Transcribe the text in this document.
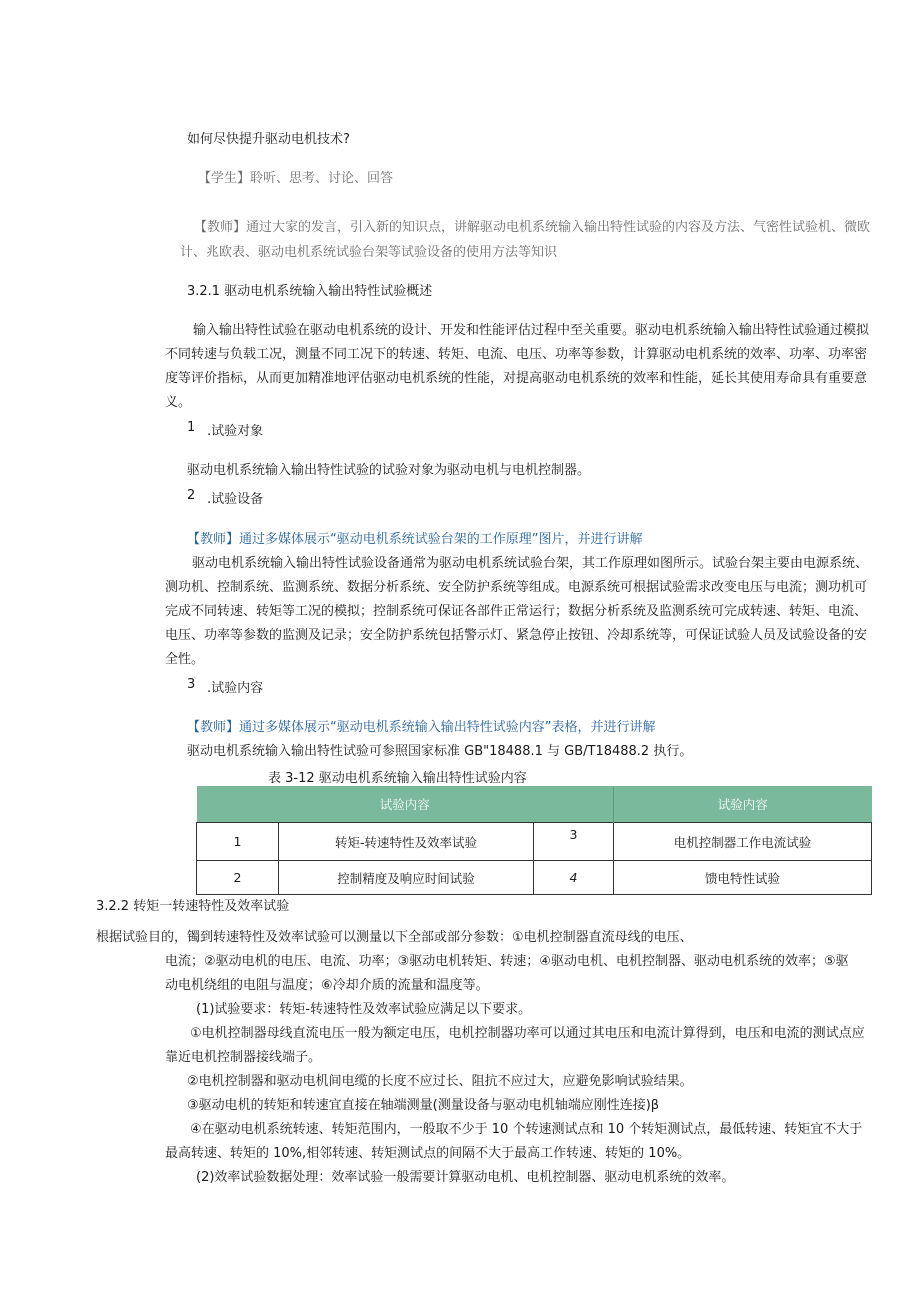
如何尽快提升驱动电机技术?
【学生】聆听、思考、讨论、回答
【教师】通过大家的发言，引入新的知识点，讲解驱动电机系统输入输出特性试验的内容及方法、气密性试验机、微欧
计、兆欧表、驱动电机系统试验台架等试验设备的使用方法等知识
3.2.1 驱动电机系统输入输出特性试验概述
输入输出特性试验在驱动电机系统的设计、开发和性能评估过程中至关重要。驱动电机系统输入输出特性试验通过模拟
不同转速与负载工况，测量不同工况下的转速、转矩、电流、电压、功率等参数，计算驱动电机系统的效率、功率、功率密
度等评价指标，从而更加精准地评估驱动电机系统的性能，对提高驱动电机系统的效率和性能，延长其使用寿命具有重要意
义。
1 .试验对象
驱动电机系统输入输出特性试验的试验对象为驱动电机与电机控制器。
2 .试验设备
【教师】通过多媒体展示“驱动电机系统试验台架的工作原理”图片，并进行讲解
驱动电机系统输入输出特性试验设备通常为驱动电机系统试验台架，其工作原理如图所示。试验台架主要由电源系统、
测功机、控制系统、监测系统、数据分析系统、安全防护系统等组成。电源系统可根据试验需求改变电压与电流；测功机可
完成不同转速、转矩等工况的模拟；控制系统可保证各部件正常运行；数据分析系统及监测系统可完成转速、转矩、电流、
电压、功率等参数的监测及记录；安全防护系统包括警示灯、紧急停止按钮、冷却系统等，可保证试验人员及试验设备的安
全性。
3 .试验内容
【教师】通过多媒体展示“驱动电机系统输入输出特性试验内容”表格，并进行讲解
驱动电机系统输入输出特性试验可参照国家标准 GB"18488.1 与 GB/T18488.2 执行。
表 3-12 驱动电机系统输入输出特性试验内容
试验内容			试验内容
1	转矩-转速特性及效率试验	3	电机控制器工作电流试验
2	控制精度及响应时间试验	4	馈电特性试验
3.2.2 转矩一转速特性及效率试验
根据试验目的，镯到转速特性及效率试验可以测量以下全部或部分参数：①电机控制器直流母线的电压、
电流；②驱动电机的电压、电流、功率；③驱动电机转矩、转速；④驱动电机、电机控制器、驱动电机系统的效率；⑤驱
动电机绕组的电阻与温度；⑥冷却介质的流量和温度等。
(1)试验要求：转矩-转速特性及效率试验应满足以下要求。
①电机控制器母线直流电压一般为额定电压，电机控制器功率可以通过其电压和电流计算得到，电压和电流的测试点应
靠近电机控制器接线端子。
②电机控制器和驱动电机间电缆的长度不应过长、阻抗不应过大，应避免影响试验结果。
③驱动电机的转矩和转速宜直接在轴端测量(测量设备与驱动电机轴端应刚性连接)β
④在驱动电机系统转速、转矩范围内，一般取不少于 10 个转速测试点和 10 个转矩测试点，最低转速、转矩宜不大于
最高转速、转矩的 10%,相邻转速、转矩测试点的间隔不大于最高工作转速、转矩的 10%。
(2)效率试验数据处理：效率试验一般需要计算驱动电机、电机控制器、驱动电机系统的效率。
